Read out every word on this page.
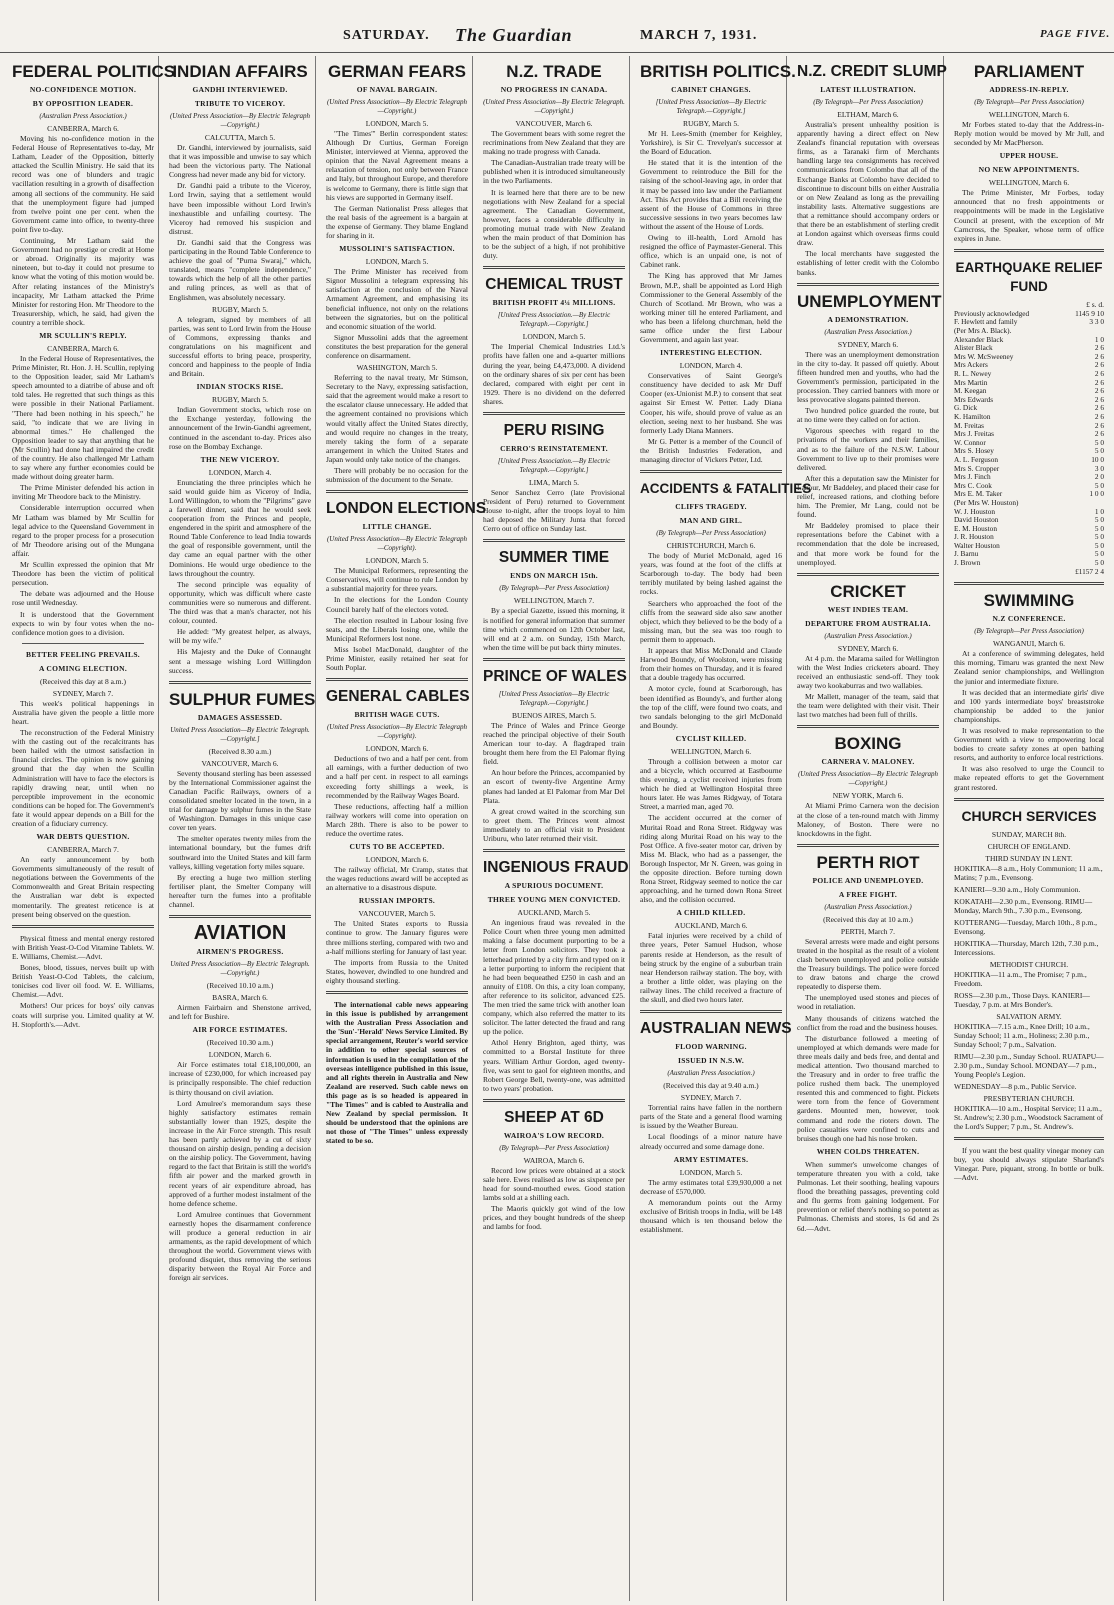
SATURDAY. The Guardian	MARCH 7, 1931.	PAGE FIVE.
FEDERAL POLITICS
NO-CONFIDENCE MOTION.
BY OPPOSITION LEADER.
(Australian Press Association.)
CANBERRA, March 6.

Moving his no-confidence motion in the Federal House of Representatives to-day, Mr Latham, Leader of the Opposition, bitterly attacked the Scullin Ministry. He said that its record was one of blunders and tragic vacillation resulting in a growth of disaffection among all sections of the community. He said that the unemployment figure had jumped from twelve point one per cent. when the Government came into office, to twenty-three point five to-day.

Continuing, Mr Latham said the Government had no prestige or credit at Home or abroad. Originally its majority was nineteen, but to-day it could not presume to know what the voting of this motion would be. After relating instances of the Ministry's incapacity, Mr Latham attacked the Prime Minister for restoring Hon. Mr Theodore to the Treasurership, which, he said, had given the country a terrible shock.

MR SCULLIN'S REPLY.
CANBERRA, March 6.

In the Federal House of Representatives, the Prime Minister, Rt. Hon. J. H. Scullin, replying to the Opposition leader, said Mr Latham's speech amounted to a diatribe of abuse and oft told tales. He regretted that such things as this were possible in their National Parliament. "There had been nothing in his speech," he said, "to indicate that we are living in abnormal times." He challenged the Opposition leader to say that anything that he (Mr Scullin) had done had impaired the credit of the country. He also challenged Mr Latham to say where any further economies could be made without doing greater harm.

The Prime Minister defended his action in inviting Mr Theodore back to the Ministry.

Considerable interruption occurred when Mr Latham was blamed by Mr Scullin for legal advice to the Queensland Government in regard to the proper process for a prosecution of Mr Theodore arising out of the Mungana affair.

Mr Scullin expressed the opinion that Mr Theodore has been the victim of political persecution.

The debate was adjourned and the House rose until Wednesday.

It is understood that the Government expects to win by four votes when the no-confidence motion goes to a division.

BETTER FEELING PREVAILS.
A COMING ELECTION.
(Received this day at 8 a.m.)
SYDNEY, March 7.

This week's political happenings in Australia have given the people a little more heart.

The reconstruction of the Federal Ministry with the casting out of the recalcitrants has been hailed with the utmost satisfaction in financial circles. The opinion is now gaining ground that the day when the Scullin Administration will have to face the electors is rapidly drawing near, until when no perceptible improvement in the economic conditions can be hoped for. The Government's fate it would appear depends on a Bill for the creation of a fiduciary currency.

WAR DEBTS QUESTION.
CANBERRA, March 7.

An early announcement by both Governments simultaneously of the result of negotiations between the Governments of the Commonwealth and Great Britain respecting the Australian war debt is expected momentarily. The greatest reticence is at present being observed on the question.

Physical fitness and mental energy restored with British Yeast-O-Cod Vitamine Tablets. W. E. Williams, Chemist.—Advt.

Bones, blood, tissues, nerves built up with British Yeast-O-Cod Tablets, the calcium, tonicises cod liver oil food. W. E. Williams, Chemist.—Advt.

Mothers! Our prices for boys' oily canvas coats will surprise you. Limited quality at W. H. Stopforth's.—Advt.

INDIAN AFFAIRS
GANDHI INTERVIEWED.
TRIBUTE TO VICEROY.
(United Press Association—By Electric Telegraph—Copyright.)
CALCUTTA, March 5.

Dr. Gandhi, interviewed by journalists, said that it was impossible and unwise to say which had been the victorious party. The National Congress had never made any bid for victory.

Dr. Gandhi paid a tribute to the Viceroy, Lord Irwin, saying that a settlement would have been impossible without Lord Irwin's inexhaustible and unfailing courtesy. The Viceroy had removed his suspicion and distrust.

Dr. Gandhi said that the Congress was participating in the Round Table Conference to achieve the goal of "Purna Swaraj," which, translated, means "complete independence," towards which the help of all the other parties and ruling princes, as well as that of Englishmen, was absolutely necessary.

RUGBY, March 5.

A telegram, signed by members of all parties, was sent to Lord Irwin from the House of Commons, expressing thanks and congratulations on his magnificent and successful efforts to bring peace, prosperity, concord and happiness to the people of India and Britain.

INDIAN STOCKS RISE.
RUGBY, March 5.

Indian Government stocks, which rose on the Exchange yesterday, following the announcement of the Irwin-Gandhi agreement, continued in the ascendant to-day. Prices also rose on the Bombay Exchange.

THE NEW VICEROY.
LONDON, March 4.

Enunciating the three principles which he said would guide him as Viceroy of India, Lord Willingdon, to whom the "Pilgrims" gave a farewell dinner, said that he would seek cooperation from the Princes and people, engendered in the spirit and atmosphere of the Round Table Conference to lead India towards the goal of responsible government, until the day came an equal partner with the other Dominions. He would urge obedience to the laws throughout the country.

The second principle was equality of opportunity, which was difficult where caste communities were so numerous and different. The third was that a man's character, not his colour, counted.

He added: "My greatest helper, as always, will be my wife."

His Majesty and the Duke of Connaught sent a message wishing Lord Willingdon success.

SULPHUR FUMES
DAMAGES ASSESSED.
United Press Association—By Electric Telegraph.—Copyright.]
(Received 8.30 a.m.)
VANCOUVER, March 6.

Seventy thousand sterling has been assessed by the International Commissioner against the Canadian Pacific Railways, owners of a consolidated smelter located in the town, in a trial for damage by sulphur fumes in the State of Washington. Damages in this unique case cover ten years.

The smelter operates twenty miles from the international boundary, but the fumes drift southward into the United States and kill farm valleys, killing vegetation forty miles square.

By erecting a huge two million sterling fertiliser plant, the Smelter Company will hereafter turn the fumes into a profitable channel.

AVIATION
AIRMEN'S PROGRESS.
United Press Association—By Electric Telegraph.—Copyright.)
(Received 10.10 a.m.)
BASRA, March 6.

Airmen Fairbairn and Shenstone arrived, and left for Bushire.

AIR FORCE ESTIMATES.
(Received 10.30 a.m.)
LONDON, March 6.

Air Force estimates total £18,100,000, an increase of £230,000, for which increased pay is principally responsible. The chief reduction is thirty thousand on civil aviation.

Lord Amulree's memorandum says these highly satisfactory estimates remain substantially lower than 1925, despite the increase in the Air Force strength. This result has been partly achieved by a cut of sixty thousand on airship design, pending a decision on the airship policy. The Government, having regard to the fact that Britain is still the world's fifth air power and the marked growth in recent years of air expenditure abroad, has approved of a further modest instalment of the home defence scheme.

Lord Amulree continues that Government earnestly hopes the disarmament conference will produce a general reduction in air armaments, as the rapid development of which throughout the world. Government views with profound disquiet, thus removing the serious disparity between the Royal Air Force and foreign air services.

GERMAN FEARS
OF NAVAL BARGAIN.
(United Press Association—By Electric Telegraph—Copyright.)
LONDON, March 5.

"The Times'" Berlin correspondent states: Although Dr Curtius, German Foreign Minister, interviewed at Vienna, approved the opinion that the Naval Agreement means a relaxation of tension, not only between France and Italy, but throughout Europe, and therefore is welcome to Germany, there is little sign that his views are supported in Germany itself.

The German Nationalist Press alleges that the real basis of the agreement is a bargain at the expense of Germany. They blame England for sharing in it.

MUSSOLINI'S SATISFACTION.
LONDON, March 5.

The Prime Minister has received from Signor Mussolini a telegram expressing his satisfaction at the conclusion of the Naval Armament Agreement, and emphasising its beneficial influence, not only on the relations between the signatories, but on the political and economic situation of the world.

Signor Mussolini adds that the agreement constitutes the best preparation for the general conference on disarmament.

WASHINGTON, March 5.

Referring to the naval treaty, Mr Stimson, Secretary to the Navy, expressing satisfaction, said that the agreement would make a resort to the escalator clause unnecessary. He added that the agreement contained no provisions which would vitally affect the United States directly, and would require no changes in the treaty, merely taking the form of a separate arrangement in which the United States and Japan would only take notice of the changes.

There will probably be no occasion for the submission of the document to the Senate.

LONDON ELECTIONS
LITTLE CHANGE.
(United Press Association—By Electric Telegraph—Copyright).
LONDON, March 5.

The Municipal Reformers, representing the Conservatives, will continue to rule London by a substantial majority for three years.

In the elections for the London County Council barely half of the electors voted.

The election resulted in Labour losing five seats, and the Liberals losing one, while the Municipal Reformers lost none.

Miss Isobel MacDonald, daughter of the Prime Minister, easily retained her seat for South Poplar.

GENERAL CABLES
BRITISH WAGE CUTS.
(United Press Association—By Electric Telegraph—Copyright).
LONDON, March 6.

Deductions of two and a half per cent. from all earnings, with a further deduction of two and a half per cent. in respect to all earnings exceeding forty shillings a week, is recommended by the Railway Wages Board.

These reductions, affecting half a million railway workers will come into operation on March 28th. There is also to be power to reduce the overtime rates.

CUTS TO BE ACCEPTED.
LONDON, March 6.

The railway official, Mr Cramp, states that the wages reductions award will be accepted as an alternative to a disastrous dispute.

RUSSIAN IMPORTS.
VANCOUVER, March 5.

The United States exports to Russia continue to grow. The January figures were three millions sterling, compared with two and a-half millions sterling for January of last year.

The imports from Russia to the United States, however, dwindled to one hundred and eighty thousand sterling.

The international cable news appearing in this issue is published by arrangement with the Australian Press Association and the 'Sun'-'Herald' News Service Limited. By special arrangement, Reuter's world service in addition to other special sources of information is used in the compilation of the overseas intelligence published in this issue, and all rights therein in Australia and New Zealand are reserved. Such cable news on this page as is so headed is appeared in "The Times" and is cabled to Australia and New Zealand by special permission. It should be understood that the opinions are not those of "The Times" unless expressly stated to be so.

N.Z. TRADE
NO PROGRESS IN CANADA.
(United Press Association—By Electric Telegraph.—Copyright.)
VANCOUVER, March 6.

The Government bears with some regret the recriminations from New Zealand that they are making no trade progress with Canada.

The Canadian-Australian trade treaty will be published when it is introduced simultaneously in the two Parliaments.

It is learned here that there are to be new negotiations with New Zealand for a special agreement. The Canadian Government, however, faces a considerable difficulty in promoting mutual trade with New Zealand when the main product of that Dominion has to be the subject of a high, if not prohibitive duty.

CHEMICAL TRUST
BRITISH PROFIT 4¼ MILLIONS.
[United Press Association.—By Electric Telegraph.—Copyright.]
LONDON, March 5.

The Imperial Chemical Industries Ltd.'s profits have fallen one and a-quarter millions during the year, being £4,473,000. A dividend on the ordinary shares of six per cent has been declared, compared with eight per cent in 1929. There is no dividend on the deferred shares.

PERU RISING
CERRO'S REINSTATEMENT.
[United Press Association.—By Electric Telegraph.—Copyright.]
LIMA, March 5.

Senor Sanchez Cerro (late Provisional President of Peru) returned to Government House to-night, after the troops loyal to him had deposed the Military Junta that forced Cerro out of office on Sunday last.

SUMMER TIME
ENDS ON MARCH 15th.
(By Telegraph—Per Press Association)
WELLINGTON, March 7.

By a special Gazette, issued this morning, it is notified for general information that summer time which commenced on 12th October last, will end at 2 a.m. on Sunday, 15th March, when the time will be put back thirty minutes.

PRINCE OF WALES
[United Press Association—By Electric Telegraph.—Copyright.]
BUENOS AIRES, March 5.

The Prince of Wales and Prince George reached the principal objective of their South American tour to-day. A flagdraped train brought them here from the El Palomar flying field.

An hour before the Princes, accompanied by an escort of twenty-five Argentine Army planes had landed at El Palomar from Mar Del Plata.

A great crowd waited in the scorching sun to greet them. The Princes went almost immediately to an official visit to President Uriburu, who later returned their visit.

INGENIOUS FRAUD
A SPURIOUS DOCUMENT.
THREE YOUNG MEN CONVICTED.
AUCKLAND, March 5.

An ingenious fraud was revealed in the Police Court when three young men admitted making a false document purporting to be a letter from London solicitors. They took a letterhead printed by a city firm and typed on it a letter purporting to inform the recipient that he had been bequeathed £250 in cash and an annuity of £108. On this, a city loan company, after reference to its solicitor, advanced £25. The men tried the same trick with another loan company, which also referred the matter to its solicitor. The latter detected the fraud and rang up the police.

Athol Henry Brighton, aged thirty, was committed to a Borstal Institute for three years. William Arthur Gordon, aged twenty-five, was sent to gaol for eighteen months, and Robert George Bell, twenty-one, was admitted to two years' probation.

SHEEP AT 6D
WAIROA'S LOW RECORD.
(By Telegraph—Per Press Association)
WAIROA, March 6.

Record low prices were obtained at a stock sale here. Ewes realised as low as sixpence per head for sound-mouthed ewes. Good station lambs sold at a shilling each.

The Maoris quickly got wind of the low prices, and they bought hundreds of the sheep and lambs for food.

BRITISH POLITICS.
CABINET CHANGES.
[United Press Association—By Electric Telegraph.—Copyright.]
RUGBY, March 5.

Mr H. Lees-Smith (member for Keighley, Yorkshire), is Sir C. Trevelyan's successor at the Board of Education.

He stated that it is the intention of the Government to reintroduce the Bill for the raising of the school-leaving age, in order that it may be passed into law under the Parliament Act. This Act provides that a Bill receiving the assent of the House of Commons in three successive sessions in two years becomes law without the assent of the House of Lords.

Owing to ill-health, Lord Arnold has resigned the office of Paymaster-General. This office, which is an unpaid one, is not of Cabinet rank.

The King has approved that Mr James Brown, M.P., shall be appointed as Lord High Commissioner to the General Assembly of the Church of Scotland. Mr Brown, who was a working miner till he entered Parliament, and who has been a lifelong churchman, held the same office under the first Labour Government, and again last year.

INTERESTING ELECTION.
LONDON, March 4.

Conservatives of Saint George's constituency have decided to ask Mr Duff Cooper (ex-Unionist M.P.) to consent that seat against Sir Ernest W. Petter. Lady Diana Cooper, his wife, should prove of value as an election, seeing next to her husband. She was formerly Lady Diana Manners.

Mr G. Petter is a member of the Council of the British Industries Federation, and managing director of Vickers Petter, Ltd.

ACCIDENTS & FATALITIES
CLIFFS TRAGEDY.
MAN AND GIRL.
(By Telegraph—Per Press Association)
CHRISTCHURCH, March 6.

The body of Muriel McDonald, aged 16 years, was found at the foot of the cliffs at Scarborough to-day. The body had been terribly mutilated by being lashed against the rocks.

Searchers who approached the foot of the cliffs from the seaward side also saw another object, which they believed to be the body of a missing man, but the sea was too rough to permit them to approach.

It appears that Miss McDonald and Claude Harwood Boundy, of Woolston, were missing from their homes on Thursday, and it is feared that a double tragedy has occurred.

A motor cycle, found at Scarborough, has been identified as Boundy's, and further along the top of the cliff, were found two coats, and two sandals belonging to the girl McDonald and Boundy.

CYCLIST KILLED.
WELLINGTON, March 6.

Through a collision between a motor car and a bicycle, which occurred at Eastbourne this evening, a cyclist received injuries from which he died at Wellington Hospital three hours later. He was James Ridgway, of Totara Street, a married man, aged 70.

The accident occurred at the corner of Muritai Road and Rona Street. Ridgway was riding along Muritai Road on his way to the Post Office. A five-seater motor car, driven by Miss M. Black, who had as a passenger, the Borough Inspector, Mr N. Green, was going in the opposite direction. Before turning down Rona Street, Ridgway seemed to notice the car approaching, and he turned down Rona Street also, and the collision occurred.

A CHILD KILLED.
AUCKLAND, March 6.

Fatal injuries were received by a child of three years, Peter Samuel Hudson, whose parents reside at Henderson, as the result of being struck by the engine of a suburban train near Henderson railway station. The boy, with a brother a little older, was playing on the railway lines. The child received a fracture of the skull, and died two hours later.

AUSTRALIAN NEWS
FLOOD WARNING.
ISSUED IN N.S.W.
(Australian Press Association.)
(Received this day at 9.40 a.m.)
SYDNEY, March 7.

Torrential rains have fallen in the northern parts of the State and a general flood warning is issued by the Weather Bureau.

Local floodings of a minor nature have already occurred and some damage done.

ARMY ESTIMATES.
LONDON, March 5.

The army estimates total £39,930,000 a net decrease of £570,000.

A memorandum points out the Army exclusive of British troops in India, will be 148 thousand which is ten thousand below the establishment.

N.Z. CREDIT SLUMP
LATEST ILLUSTRATION.
(By Telegraph—Per Press Association)
ELTHAM, March 6.

Australia's present unhealthy position is apparently having a direct effect on New Zealand's financial reputation with overseas firms, as a Taranaki firm of Merchants handling large tea consignments has received communications from Colombo that all of the Exchange Banks at Colombo have decided to discontinue to discount bills on either Australia or on New Zealand as long as the prevailing instability lasts. Alternative suggestions are that a remittance should accompany orders or that there be an establishment of sterling credit at London against which overseas firms could draw.

The local merchants have suggested the establishing of letter credit with the Colombo banks.

UNEMPLOYMENT
A DEMONSTRATION.
(Australian Press Association.)
SYDNEY, March 6.

There was an unemployment demonstration in the city to-day. It passed off quietly. About fifteen hundred men and youths, who had the Government's permission, participated in the procession. They carried banners with more or less provocative slogans painted thereon.

Two hundred police guarded the route, but at no time were they called on for action.

Vigorous speeches with regard to the privations of the workers and their families, and as to the failure of the N.S.W. Labour Government to live up to their promises were delivered.

After this a deputation saw the Minister for Labour, Mr Baddeley, and placed their case for relief, increased rations, and clothing before him. The Premier, Mr Lang, could not be found.

Mr Baddeley promised to place their representations before the Cabinet with a recommendation that the dole be increased, and that more work be found for the unemployed.

CRICKET
WEST INDIES TEAM.
DEPARTURE FROM AUSTRALIA.
(Australian Press Association.)
SYDNEY, March 6.

At 4 p.m. the Marama sailed for Wellington with the West Indies cricketers aboard. They received an enthusiastic send-off. They took away two kookaburras and two wallabies.

Mr Mallett, manager of the team, said that the team were delighted with their visit. Their last two matches had been full of thrills.

BOXING
CARNERA V. MALONEY.
(United Press Association—By Electric Telegraph—Copyright.)
NEW YORK, March 6.

At Miami Primo Carnera won the decision at the close of a ten-round match with Jimmy Maloney, of Boston. There were no knockdowns in the fight.

PERTH RIOT
POLICE AND UNEMPLOYED.
A FREE FIGHT.
(Australian Press Association.)
(Received this day at 10 a.m.)
PERTH, March 7.

Several arrests were made and eight persons treated in the hospital as the result of a violent clash between unemployed and police outside the Treasury buildings. The police were forced to draw batons and charge the crowd repeatedly to disperse them.

The unemployed used stones and pieces of wood in retaliation.

Many thousands of citizens watched the conflict from the road and the business houses.

The disturbance followed a meeting of unemployed at which demands were made for three meals daily and beds free, and dental and medical attention. Two thousand marched to the Treasury and in order to free traffic the police rushed them back. The unemployed resented this and commenced to fight. Pickets were torn from the fence of Government gardens. Mounted men, however, took command and rode the rioters down. The police casualties were confined to cuts and bruises though one had his nose broken.

WHEN COLDS THREATEN.

When summer's unwelcome changes of temperature threaten you with a cold, take Pulmonas. Let their soothing, healing vapours flood the breathing passages, preventing cold and flu germs from gaining lodgement. For prevention or relief there's nothing so potent as Pulmonas. Chemists and stores, 1s 6d and 2s 6d.—Advt.

PARLIAMENT
ADDRESS-IN-REPLY.
(By Telegraph—Per Press Association)
WELLINGTON, March 6.

Mr Forbes stated to-day that the Address-in-Reply motion would be moved by Mr Jull, and seconded by Mr MacPherson.

UPPER HOUSE.
NO NEW APPOINTMENTS.
WELLINGTON, March 6.

The Prime Minister, Mr Forbes, today announced that no fresh appointments or reappointments will be made in the Legislative Council at present, with the exception of Mr Carncross, the Speaker, whose term of office expires in June.

EARTHQUAKE RELIEF
FUND
£ s. d.
Previously acknowledged	1145 9 10
F. Hewlett and family	3 3 0
(Per Mrs A. Black).	
Alexander Black	1 0
Alister Black	2 6
Mrs W. McSweeney	2 6
Mrs Ackers	2 6
R. L. Newey	2 6
Mrs Martin	2 6
M. Keegan	2 6
Mrs Edwards	2 6
G. Dick	2 6
K. Hamilton	2 6
M. Freitas	2 6
Mrs J. Freitas	2 6
W. Connor	5 0
Mrs S. Hosey	5 0
A. L. Ferguson	10 0
Mrs S. Cropper	3 0
Mrs J. Finch	2 0
Mrs C. Cook	5 0
Mrs E. M. Taker	1 0 0
(Per Mrs W. Houston)	
W. J. Houston	1 0
David Houston	5 0
E. M. Houston	5 0
J. R. Houston	5 0
Walter Houston	5 0
J. Barnu	5 0
J. Brown	5 0
	£1157 2 4
SWIMMING
N.Z CONFERENCE.
(By Telegraph—Per Press Association)
WANGANUI, March 6.

At a conference of swimming delegates, held this morning, Timaru was granted the next New Zealand senior championships, and Wellington the junior and intermediate fixture.

It was decided that an intermediate girls' dive and 100 yards intermediate boys' breaststroke championship be added to the junior championships.

It was resolved to make representation to the Government with a view to empowering local bodies to create safety zones at open bathing resorts, and authority to enforce local restrictions.

It was also resolved to urge the Council to make repeated efforts to get the Government grant restored.

CHURCH SERVICES
SUNDAY, MARCH 8th.
CHURCH OF ENGLAND.
THIRD SUNDAY IN LENT.

HOKITIKA—8 a.m., Holy Communion; 11 a.m., Matins; 7 p.m., Evensong.

KANIERI—9.30 a.m., Holy Communion.

KOKATAHI—2.30 p.m., Evensong. RIMU—Monday, March 9th., 7.30 p.m., Evensong.

KOTTERANG—Tuesday, March 10th., 8 p.m., Evensong.

HOKITIKA—Thursday, March 12th, 7.30 p.m., Intercessions.

METHODIST CHURCH.

HOKITIKA—11 a.m., The Promise; 7 p.m., Freedom.

ROSS—2.30 p.m., Those Days. KANIERI—Tuesday, 7 p.m. at Mrs Bonder's.

SALVATION ARMY.

HOKITIKA—7.15 a.m., Knee Drill; 10 a.m., Sunday School; 11 a.m., Holiness; 2.30 p.m., Sunday School; 7 p.m., Salvation.

RIMU—2.30 p.m., Sunday School. RUATAPU—2.30 p.m., Sunday School. MONDAY—7 p.m., Young People's Legion.

WEDNESDAY—8 p.m., Public Service.

PRESBYTERIAN CHURCH.

HOKITIKA—10 a.m., Hospital Service; 11 a.m., St. Andrew's; 2.30 p.m., Woodstock Sacrament of the Lord's Supper; 7 p.m., St. Andrew's.

If you want the best quality vinegar money can buy, you should always stipulate Sharland's Vinegar. Pure, piquant, strong. In bottle or bulk.—Advt.
